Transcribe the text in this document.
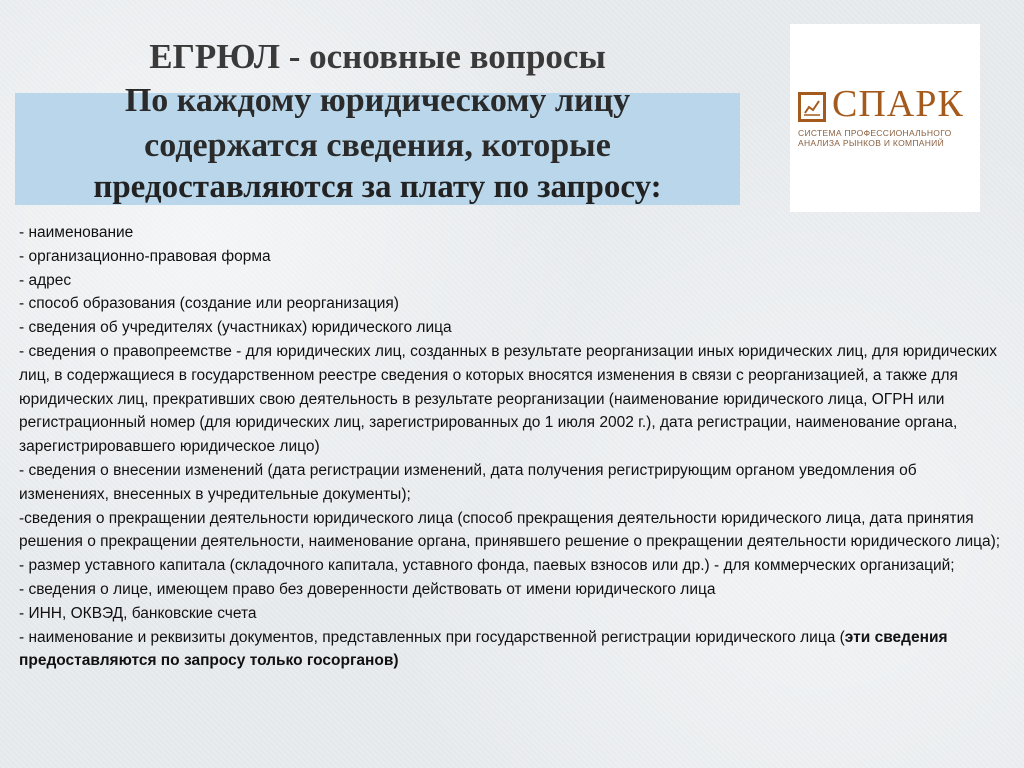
ЕГРЮЛ - основные вопросы
По каждому юридическому лицу
содержатся сведения, которые
предоставляются за плату по запросу:
СПАРК
СИСТЕМА ПРОФЕССИОНАЛЬНОГО
АНАЛИЗА РЫНКОВ И КОМПАНИЙ

- наименование

- организационно-правовая форма

- адрес

- способ образования (создание или реорганизация)

- сведения об учредителях (участниках) юридического лица

- сведения о правопреемстве - для юридических лиц, созданных в результате реорганизации иных юридических лиц, для юридических лиц, в содержащиеся в государственном реестре сведения о которых вносятся изменения в связи с реорганизацией, а также для юридических лиц, прекративших свою деятельность в результате реорганизации (наименование юридического лица, ОГРН или регистрационный номер (для юридических лиц, зарегистрированных до 1 июля 2002 г.), дата регистрации, наименование органа, зарегистрировавшего юридическое лицо)

- сведения о внесении изменений (дата регистрации изменений, дата получения регистрирующим органом уведомления об изменениях, внесенных в учредительные документы);

-сведения о прекращении деятельности юридического лица (способ прекращения деятельности юридического лица, дата принятия решения о прекращении деятельности, наименование органа, принявшего решение о прекращении деятельности юридического лица);

- размер уставного капитала (складочного капитала, уставного фонда, паевых взносов или др.) - для коммерческих организаций;

- сведения о лице, имеющем право без доверенности действовать от имени юридического лица

- ИНН, ОКВЭД, банковские счета

- наименование и реквизиты документов, представленных при государственной регистрации юридического лица (эти сведения предоставляются по запросу только госорганов)
